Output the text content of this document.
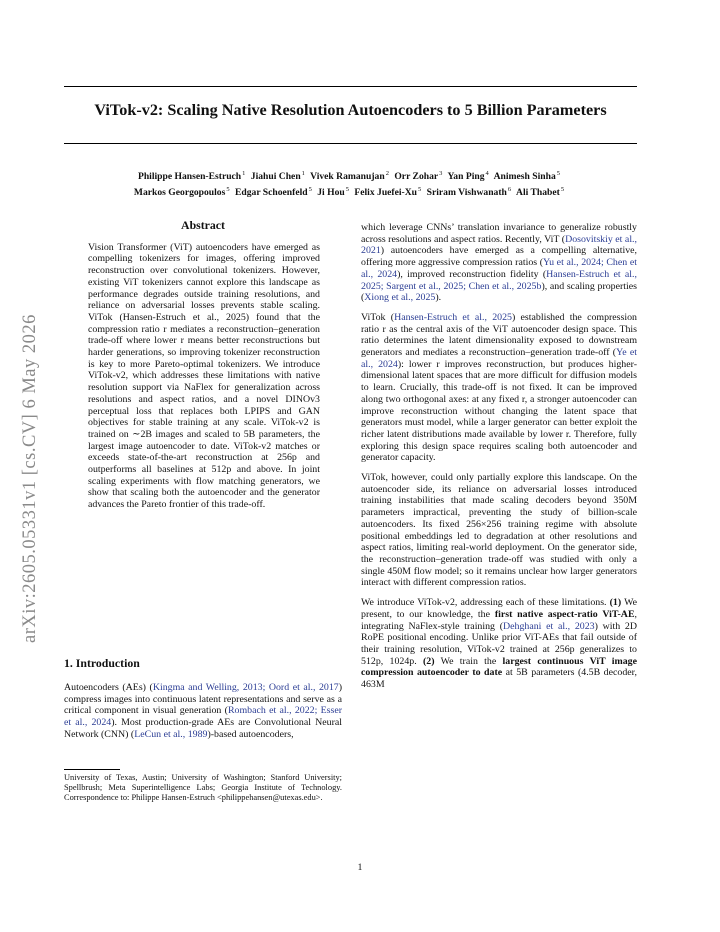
arXiv:2605.05331v1 [cs.CV] 6 May 2026
ViTok-v2: Scaling Native Resolution Autoencoders to 5 Billion Parameters
Philippe Hansen-Estruch$^1$ Jiahui Chen$^1$ Vivek Ramanujan$^2$ Orr Zohar$^3$ Yan Ping$^4$ Animesh Sinha$^5$
Markos Georgopoulos$^5$ Edgar Schoenfeld$^5$ Ji Hou$^5$ Felix Juefei-Xu$^5$ Sriram Vishwanath$^6$ Ali Thabet$^5$
Abstract

Vision Transformer (ViT) autoencoders have emerged as compelling tokenizers for images, offering improved reconstruction over convolutional tokenizers. However, existing ViT tokenizers cannot explore this landscape as performance degrades outside training resolutions, and reliance on adversarial losses prevents stable scaling. ViTok (Hansen-Estruch et al., 2025) found that the compression ratio r mediates a reconstruction–generation trade-off where lower r means better reconstructions but harder generations, so improving tokenizer reconstruction is key to more Pareto-optimal tokenizers. We introduce ViTok-v2, which addresses these limitations with native resolution support via NaFlex for generalization across resolutions and aspect ratios, and a novel DINOv3 perceptual loss that replaces both LPIPS and GAN objectives for stable training at any scale. ViTok-v2 is trained on ∼2B images and scaled to 5B parameters, the largest image autoencoder to date. ViTok-v2 matches or exceeds state-of-the-art reconstruction at 256p and outperforms all baselines at 512p and above. In joint scaling experiments with flow matching generators, we show that scaling both the autoencoder and the generator advances the Pareto frontier of this trade-off.

1. Introduction

Autoencoders (AEs) (Kingma and Welling, 2013; Oord et al., 2017) compress images into continuous latent representations and serve as a critical component in visual generation (Rombach et al., 2022; Esser et al., 2024). Most production-grade AEs are Convolutional Neural Network (CNN) (LeCun et al., 1989)-based autoencoders,

University of Texas, Austin; University of Washington; Stanford University; Spellbrush; Meta Superintelligence Labs; Georgia Institute of Technology. Correspondence to: Philippe Hansen-Estruch <philippehansen@utexas.edu>.

which leverage CNNs’ translation invariance to generalize robustly across resolutions and aspect ratios. Recently, ViT (Dosovitskiy et al., 2021) autoencoders have emerged as a compelling alternative, offering more aggressive compression ratios (Yu et al., 2024; Chen et al., 2024), improved reconstruction fidelity (Hansen-Estruch et al., 2025; Sargent et al., 2025; Chen et al., 2025b), and scaling properties (Xiong et al., 2025).

ViTok (Hansen-Estruch et al., 2025) established the compression ratio r as the central axis of the ViT autoencoder design space. This ratio determines the latent dimensionality exposed to downstream generators and mediates a reconstruction–generation trade-off (Ye et al., 2024): lower r improves reconstruction, but produces higher-dimensional latent spaces that are more difficult for diffusion models to learn. Crucially, this trade-off is not fixed. It can be improved along two orthogonal axes: at any fixed r, a stronger autoencoder can improve reconstruction without changing the latent space that generators must model, while a larger generator can better exploit the richer latent distributions made available by lower r. Therefore, fully exploring this design space requires scaling both autoencoder and generator capacity.

ViTok, however, could only partially explore this landscape. On the autoencoder side, its reliance on adversarial losses introduced training instabilities that made scaling decoders beyond 350M parameters impractical, preventing the study of billion-scale autoencoders. Its fixed 256×256 training regime with absolute positional embeddings led to degradation at other resolutions and aspect ratios, limiting real-world deployment. On the generator side, the reconstruction–generation trade-off was studied with only a single 450M flow model; so it remains unclear how larger generators interact with different compression ratios.

We introduce ViTok-v2, addressing each of these limitations. (1) We present, to our knowledge, the first native aspect-ratio ViT-AE, integrating NaFlex-style training (Dehghani et al., 2023) with 2D RoPE positional encoding. Unlike prior ViT-AEs that fail outside of their training resolution, ViTok-v2 trained at 256p generalizes to 512p, 1024p. (2) We train the largest continuous ViT image compression autoencoder to date at 5B parameters (4.5B decoder, 463M

1
